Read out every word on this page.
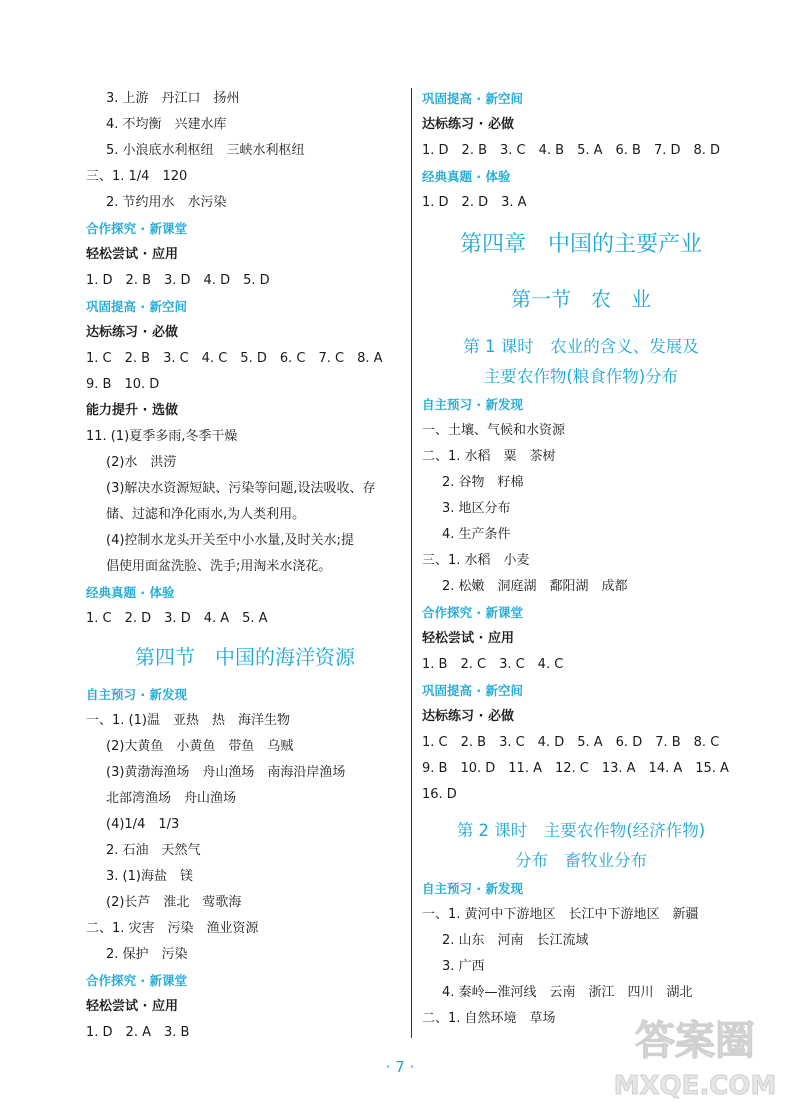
3. 上游　丹江口　扬州
4. 不均衡　兴建水库
5. 小浪底水利枢纽　三峡水利枢纽
三、1. 1/4　120
2. 节约用水　水污染
合作探究 · 新课堂
轻松尝试 · 应用
1. D　2. B　3. D　4. D　5. D
巩固提高 · 新空间
达标练习 · 必做
1. C　2. B　3. C　4. C　5. D　6. C　7. C　8. A
9. B　10. D
能力提升 · 选做
11. (1)夏季多雨,冬季干燥
(2)水　洪涝
(3)解决水资源短缺、污染等问题,设法吸收、存
储、过滤和净化雨水,为人类利用。
(4)控制水龙头开关至中小水量,及时关水;提
倡使用面盆洗脸、洗手;用淘米水浇花。
经典真题 · 体验
1. C　2. D　3. D　4. A　5. A
第四节　中国的海洋资源
自主预习 · 新发现
一、1. (1)温　亚热　热　海洋生物
(2)大黄鱼　小黄鱼　带鱼　乌贼
(3)黄渤海渔场　舟山渔场　南海沿岸渔场
北部湾渔场　舟山渔场
(4)1/4　1/3
2. 石油　天然气
3. (1)海盐　镁
(2)长芦　淮北　莺歌海
二、1. 灾害　污染　渔业资源
2. 保护　污染
合作探究 · 新课堂
轻松尝试 · 应用
1. D　2. A　3. B
巩固提高 · 新空间
达标练习 · 必做
1. D　2. B　3. C　4. B　5. A　6. B　7. D　8. D
经典真题 · 体验
1. D　2. D　3. A
第四章　中国的主要产业
第一节　农　业
第 1 课时　农业的含义、发展及
主要农作物(粮食作物)分布
自主预习 · 新发现
一、土壤、气候和水资源
二、1. 水稻　粟　茶树
2. 谷物　籽棉
3. 地区分布
4. 生产条件
三、1. 水稻　小麦
2. 松嫩　洞庭湖　鄱阳湖　成都
合作探究 · 新课堂
轻松尝试 · 应用
1. B　2. C　3. C　4. C
巩固提高 · 新空间
达标练习 · 必做
1. C　2. B　3. C　4. D　5. A　6. D　7. B　8. C
9. B　10. D　11. A　12. C　13. A　14. A　15. A
16. D
第 2 课时　主要农作物(经济作物)
分布　畜牧业分布
自主预习 · 新发现
一、1. 黄河中下游地区　长江中下游地区　新疆
2. 山东　河南　长江流域
3. 广西
4. 秦岭—淮河线　云南　浙江　四川　湖北
二、1. 自然环境　草场
· 7 ·
答案圈
MXQE.COM
